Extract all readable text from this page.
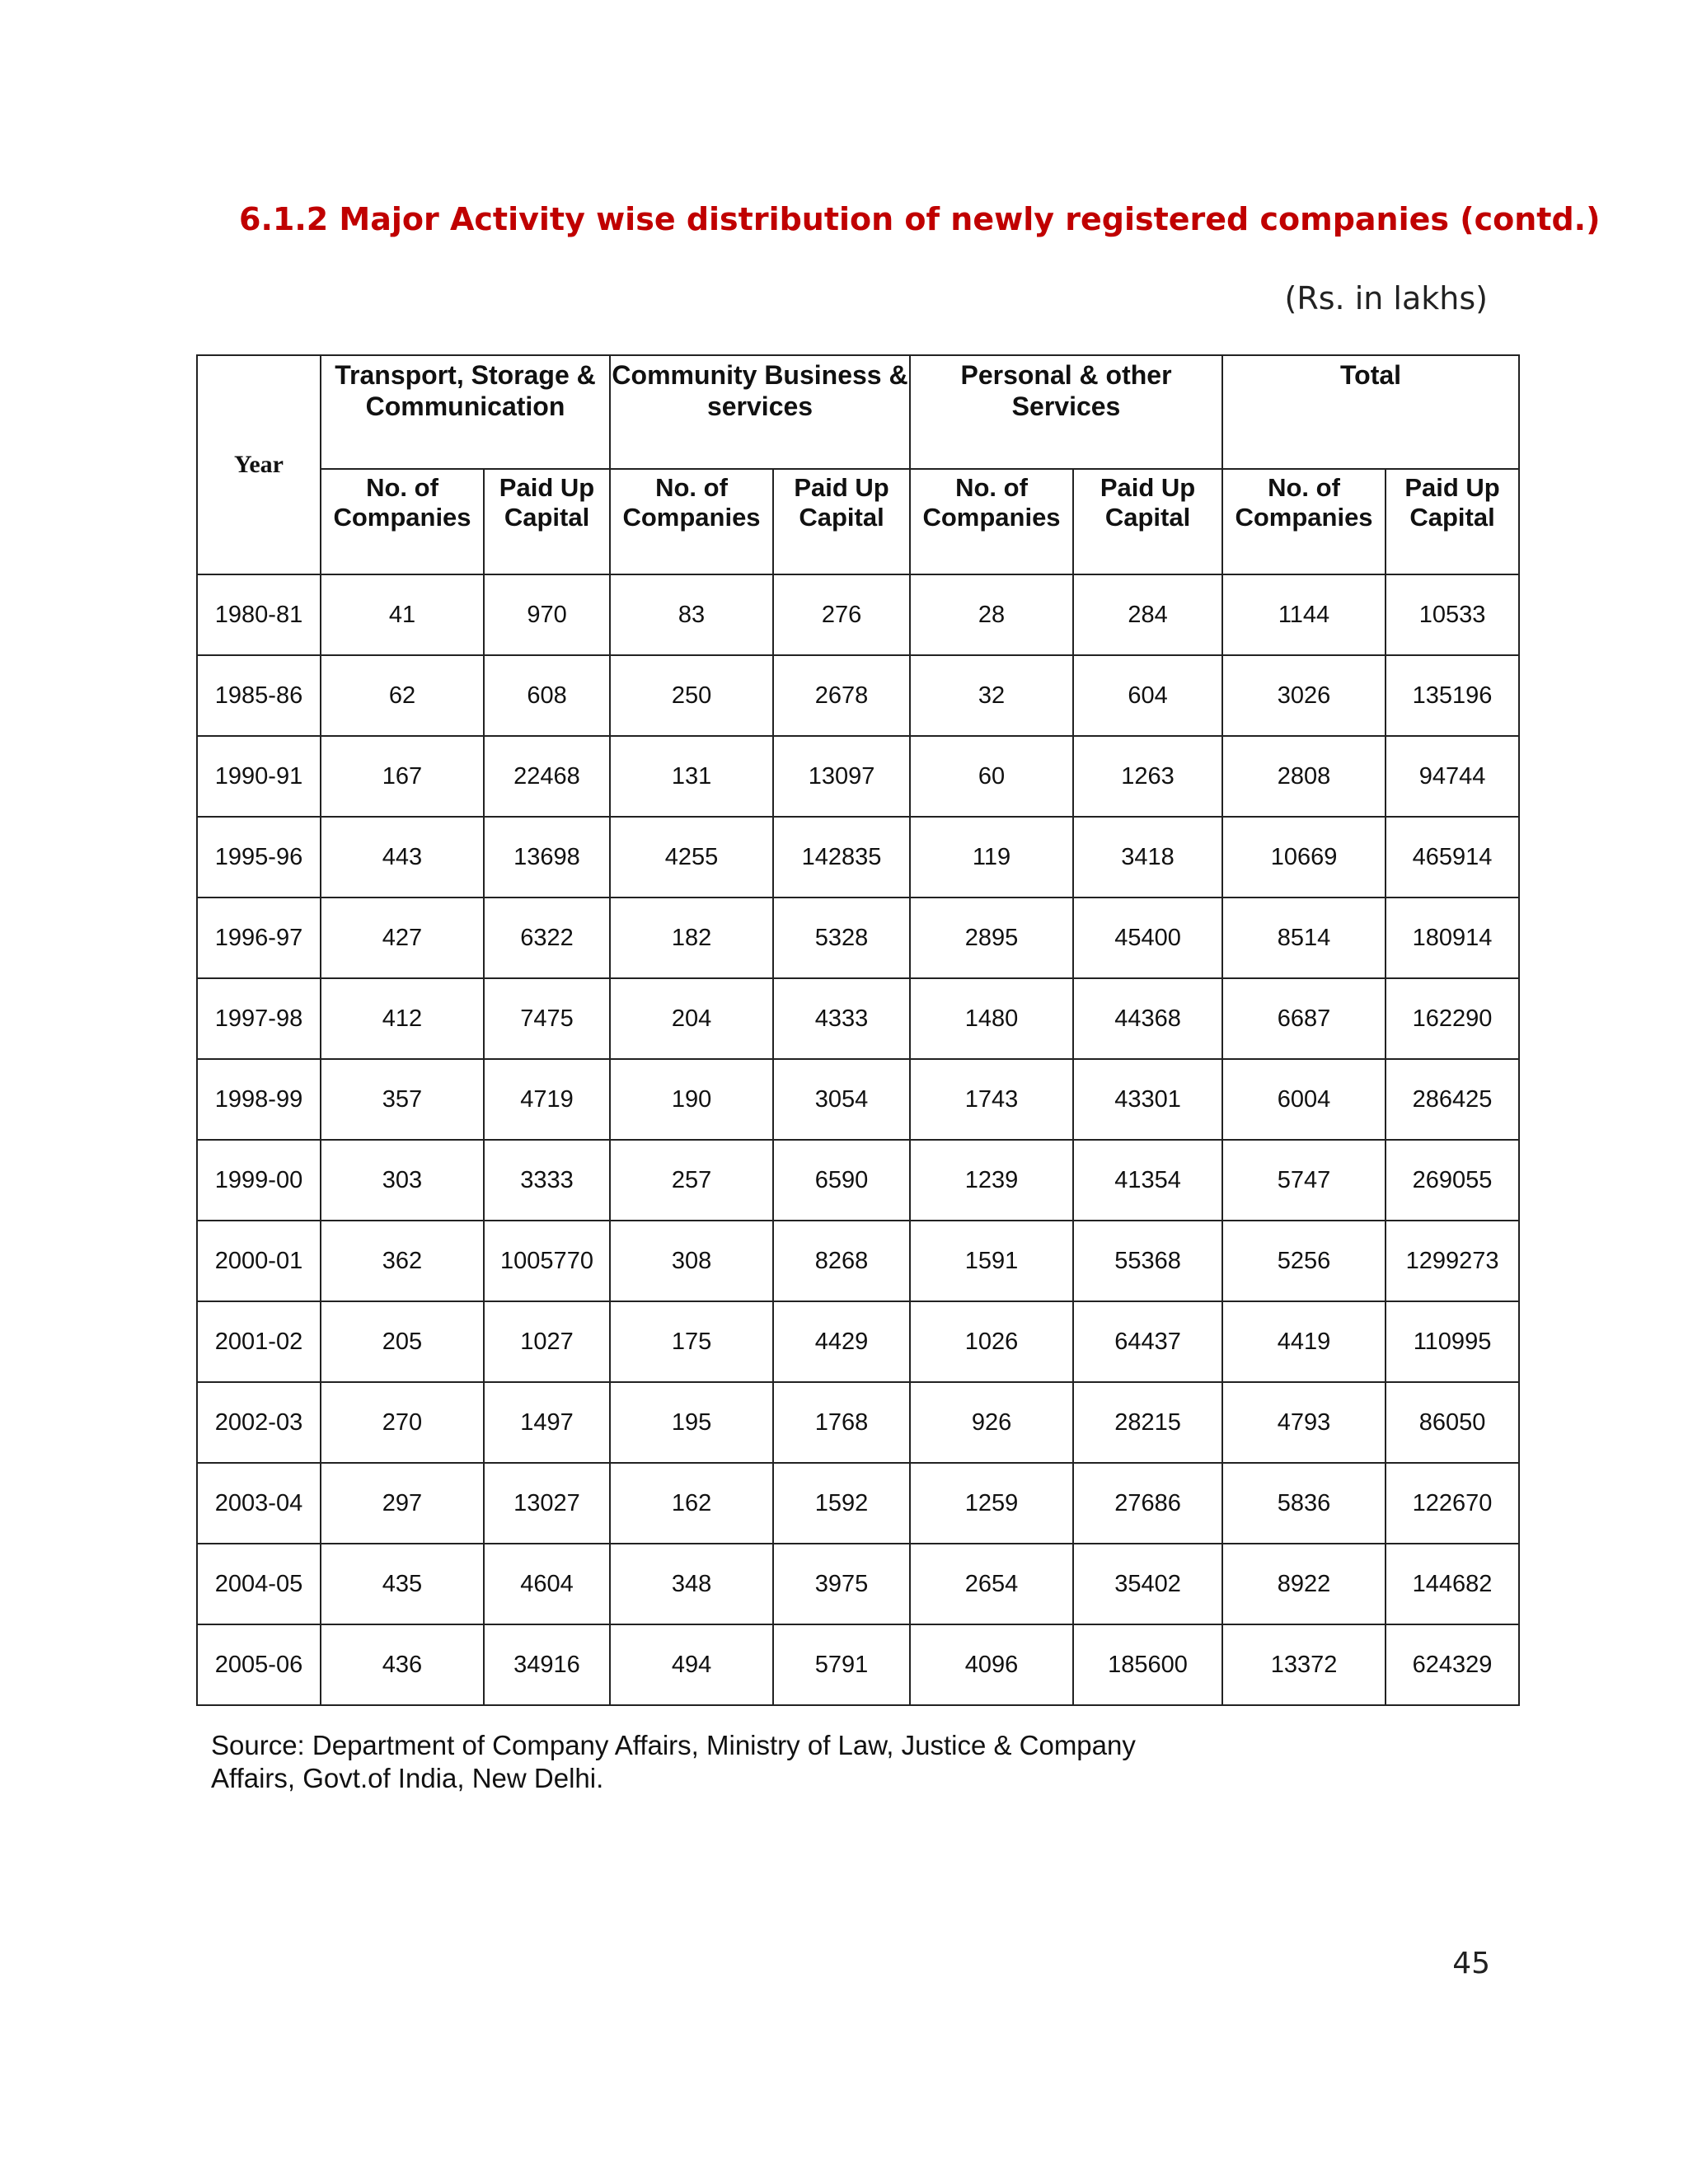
6.1.2 Major Activity wise distribution of newly registered companies (contd.)
(Rs. in lakhs)
Year	Transport, Storage & Communication		Community Business & services		Personal & other Services		Total	
	No. of Companies	Paid Up Capital	No. of Companies	Paid Up Capital	No. of Companies	Paid Up Capital	No. of Companies	Paid Up Capital
1980-81	41	970	83	276	28	284	1144	10533
1985-86	62	608	250	2678	32	604	3026	135196
1990-91	167	22468	131	13097	60	1263	2808	94744
1995-96	443	13698	4255	142835	119	3418	10669	465914
1996-97	427	6322	182	5328	2895	45400	8514	180914
1997-98	412	7475	204	4333	1480	44368	6687	162290
1998-99	357	4719	190	3054	1743	43301	6004	286425
1999-00	303	3333	257	6590	1239	41354	5747	269055
2000-01	362	1005770	308	8268	1591	55368	5256	1299273
2001-02	205	1027	175	4429	1026	64437	4419	110995
2002-03	270	1497	195	1768	926	28215	4793	86050
2003-04	297	13027	162	1592	1259	27686	5836	122670
2004-05	435	4604	348	3975	2654	35402	8922	144682
2005-06	436	34916	494	5791	4096	185600	13372	624329
Source: Department of Company Affairs, Ministry of Law, Justice & Company Affairs, Govt.of India, New Delhi.
45
